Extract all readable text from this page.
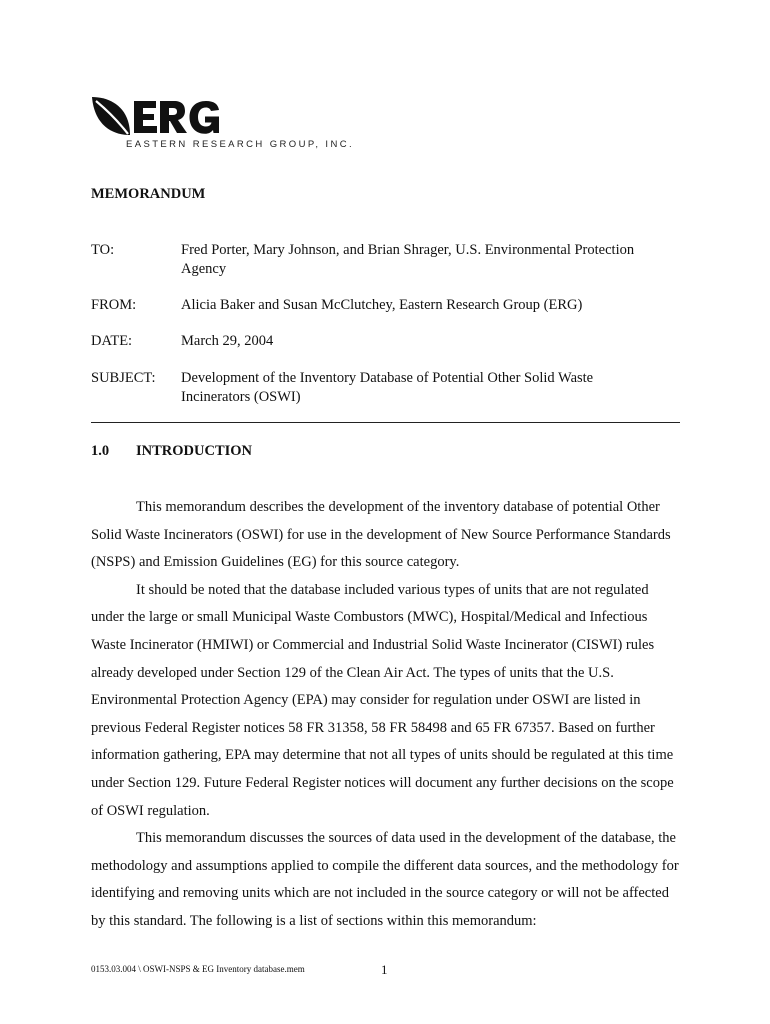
EASTERN RESEARCH GROUP, INC.
MEMORANDUM
TO:	Fred Porter, Mary Johnson, and Brian Shrager, U.S. Environmental Protection Agency
FROM:	Alicia Baker and Susan McClutchey, Eastern Research Group (ERG)
DATE:	March 29, 2004
SUBJECT: Development of the Inventory Database of Potential Other Solid Waste Incinerators (OSWI)
1.0 INTRODUCTION

This memorandum describes the development of the inventory database of potential Other Solid Waste Incinerators (OSWI) for use in the development of New Source Performance Standards (NSPS) and Emission Guidelines (EG) for this source category.

It should be noted that the database included various types of units that are not regulated under the large or small Municipal Waste Combustors (MWC), Hospital/Medical and Infectious Waste Incinerator (HMIWI) or Commercial and Industrial Solid Waste Incinerator (CISWI) rules already developed under Section 129 of the Clean Air Act. The types of units that the U.S. Environmental Protection Agency (EPA) may consider for regulation under OSWI are listed in previous Federal Register notices 58 FR 31358, 58 FR 58498 and 65 FR 67357. Based on further information gathering, EPA may determine that not all types of units should be regulated at this time under Section 129. Future Federal Register notices will document any further decisions on the scope of OSWI regulation.

This memorandum discusses the sources of data used in the development of the database, the methodology and assumptions applied to compile the different data sources, and the methodology for identifying and removing units which are not included in the source category or will not be affected by this standard. The following is a list of sections within this memorandum:

0153.03.004 \ OSWI-NSPS & EG Inventory database.mem	1
